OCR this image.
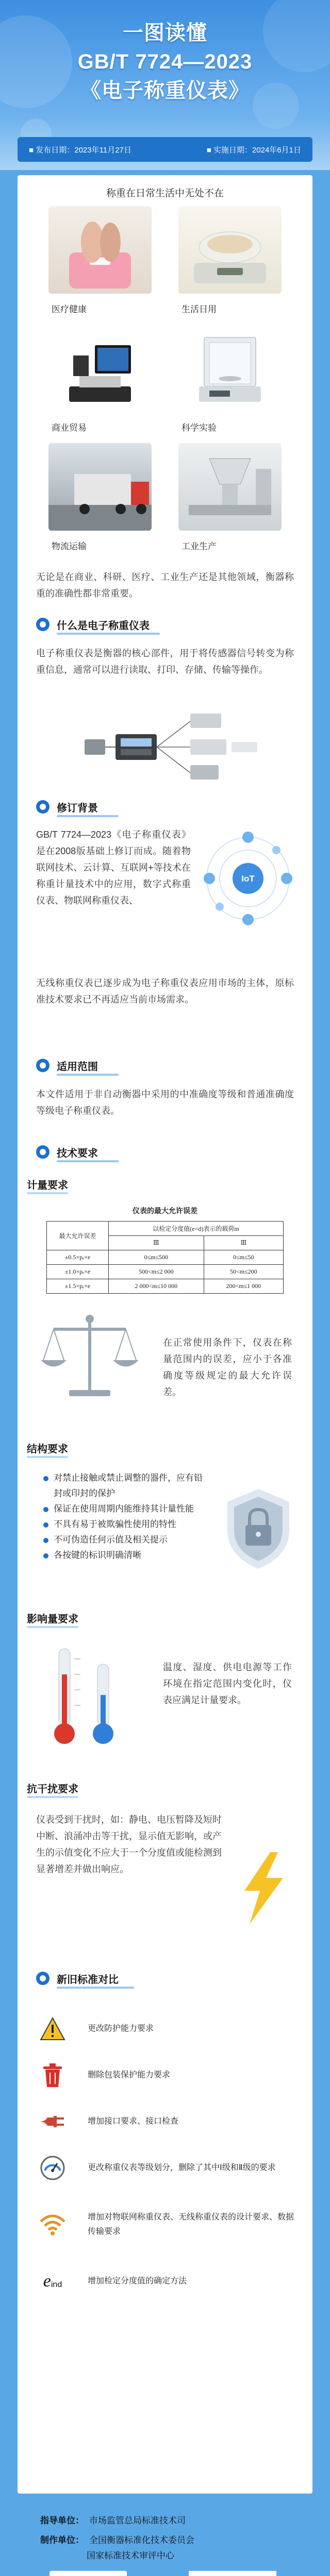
一图读懂
GB/T 7724—2023
《电子称重仪表》
■ 发布日期：2023年11月27日	■ 实施日期：2024年6月1日
称重在日常生活中无处不在
医疗健康	生活日用
商业贸易	科学实验
物流运输	工业生产
无论是在商业、科研、医疗、工业生产还是其他领域，衡器称重的准确性都非常重要。
什么是电子称重仪表
电子称重仪表是衡器的核心部件，用于将传感器信号转变为称重信息，通常可以进行读取、打印、存储、传输等操作。
修订背景
GB/T 7724—2023《电子称重仪表》是在2008版基础上修订而成。随着物联网技术、云计算、互联网+等技术在称重计量技术中的应用，数字式称重仪表、物联网称重仪表、
IoT
无线称重仪表已逐步成为电子称重仪表应用市场的主体，原标准技术要求已不再适应当前市场需求。
适用范围
本文件适用于非自动衡器中采用的中准确度等级和普通准确度等级电子称重仪表。
技术要求
计量要求
仪表的最大允许误差
最大允许误差	以检定分度值(e=d)表示的载荷m	
	Ⅲ	Ⅲ
±0.5×pₑ×e	0≤m≤500	0≤m≤50
±1.0×pₑ×e	500<m≤2 000	50<m≤200
±1.5×pₑ×e	2 000<m≤10 000	200<m≤1 000
在正常使用条件下，仪表在称量范围内的误差，应小于各准确度等级规定的最大允许误差。
结构要求
对禁止接触或禁止调整的器件，应有铅封或印封的保护
保证在使用周期内能维持其计量性能
不具有易于被欺骗性使用的特性
不可伪造任何示值及相关提示
各按键的标识明确清晰
影响量要求
温度、湿度、供电电源等工作环境在指定范围内变化时，仪表应满足计量要求。
抗干扰要求
仪表受到干扰时，如：静电、电压暂降及短时中断、浪涌冲击等干扰，显示值无影响，或产生的示值变化不应大于一个分度值或能检测到显著增差并做出响应。
新旧标准对比
更改防护能力要求
删除包装保护能力要求
增加接口要求、接口检查
更改称重仪表等级划分，删除了其中Ⅰ级和Ⅱ级的要求
增加对物联网称重仪表、无线称重仪表的设计要求、数据传输要求
e ind	增加检定分度值的确定方法
指导单位： 市场监管总局标准技术司
制作单位： 全国衡器标准化技术委员会
国家标准技术审评中心
